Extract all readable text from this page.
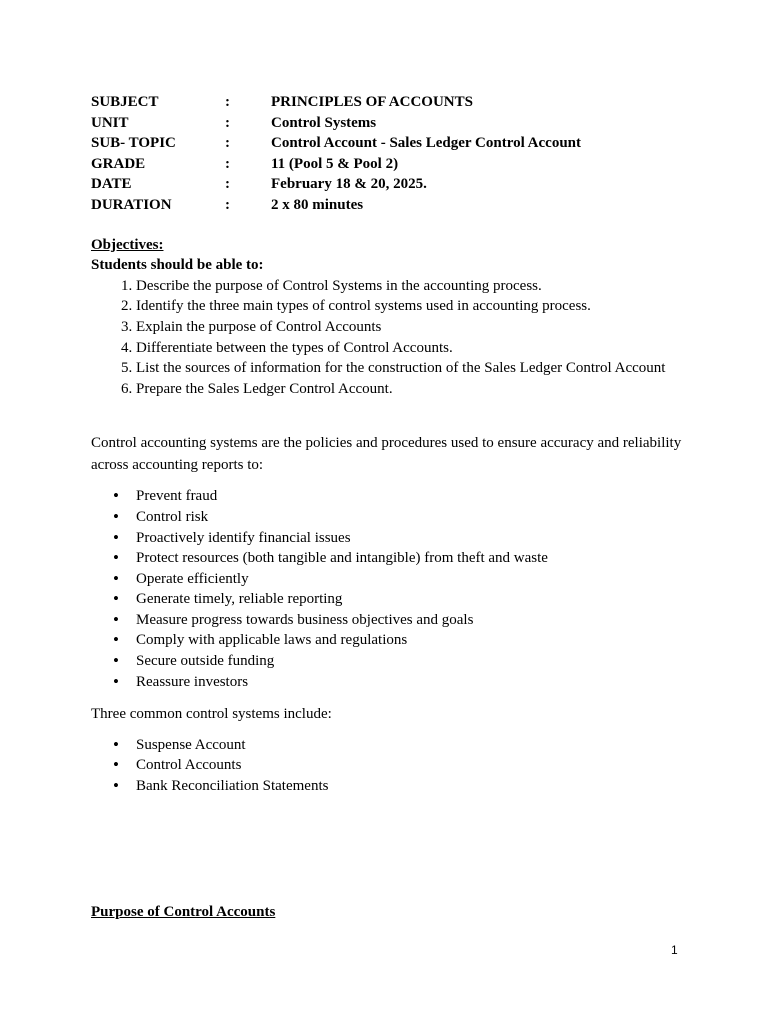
SUBJECT	:	PRINCIPLES OF ACCOUNTS
UNIT	:	Control Systems
SUB- TOPIC	:	Control Account - Sales Ledger Control Account
GRADE	:	11 (Pool 5 & Pool 2)
DATE	:	February 18 & 20, 2025.
DURATION	:	2 x 80 minutes
Objectives:
Students should be able to:
1. Describe the purpose of Control Systems in the accounting process.
2. Identify the three main types of control systems used in accounting process.
3. Explain the purpose of Control Accounts
4. Differentiate between the types of Control Accounts.
5. List the sources of information for the construction of the Sales Ledger Control Account
6. Prepare the Sales Ledger Control Account.
Control accounting systems are the policies and procedures used to ensure accuracy and reliability across accounting reports to:
• Prevent fraud
• Control risk
• Proactively identify financial issues
• Protect resources (both tangible and intangible) from theft and waste
• Operate efficiently
• Generate timely, reliable reporting
• Measure progress towards business objectives and goals
• Comply with applicable laws and regulations
• Secure outside funding
• Reassure investors
Three common control systems include:
• Suspense Account
• Control Accounts
• Bank Reconciliation Statements
Purpose of Control Accounts
1
